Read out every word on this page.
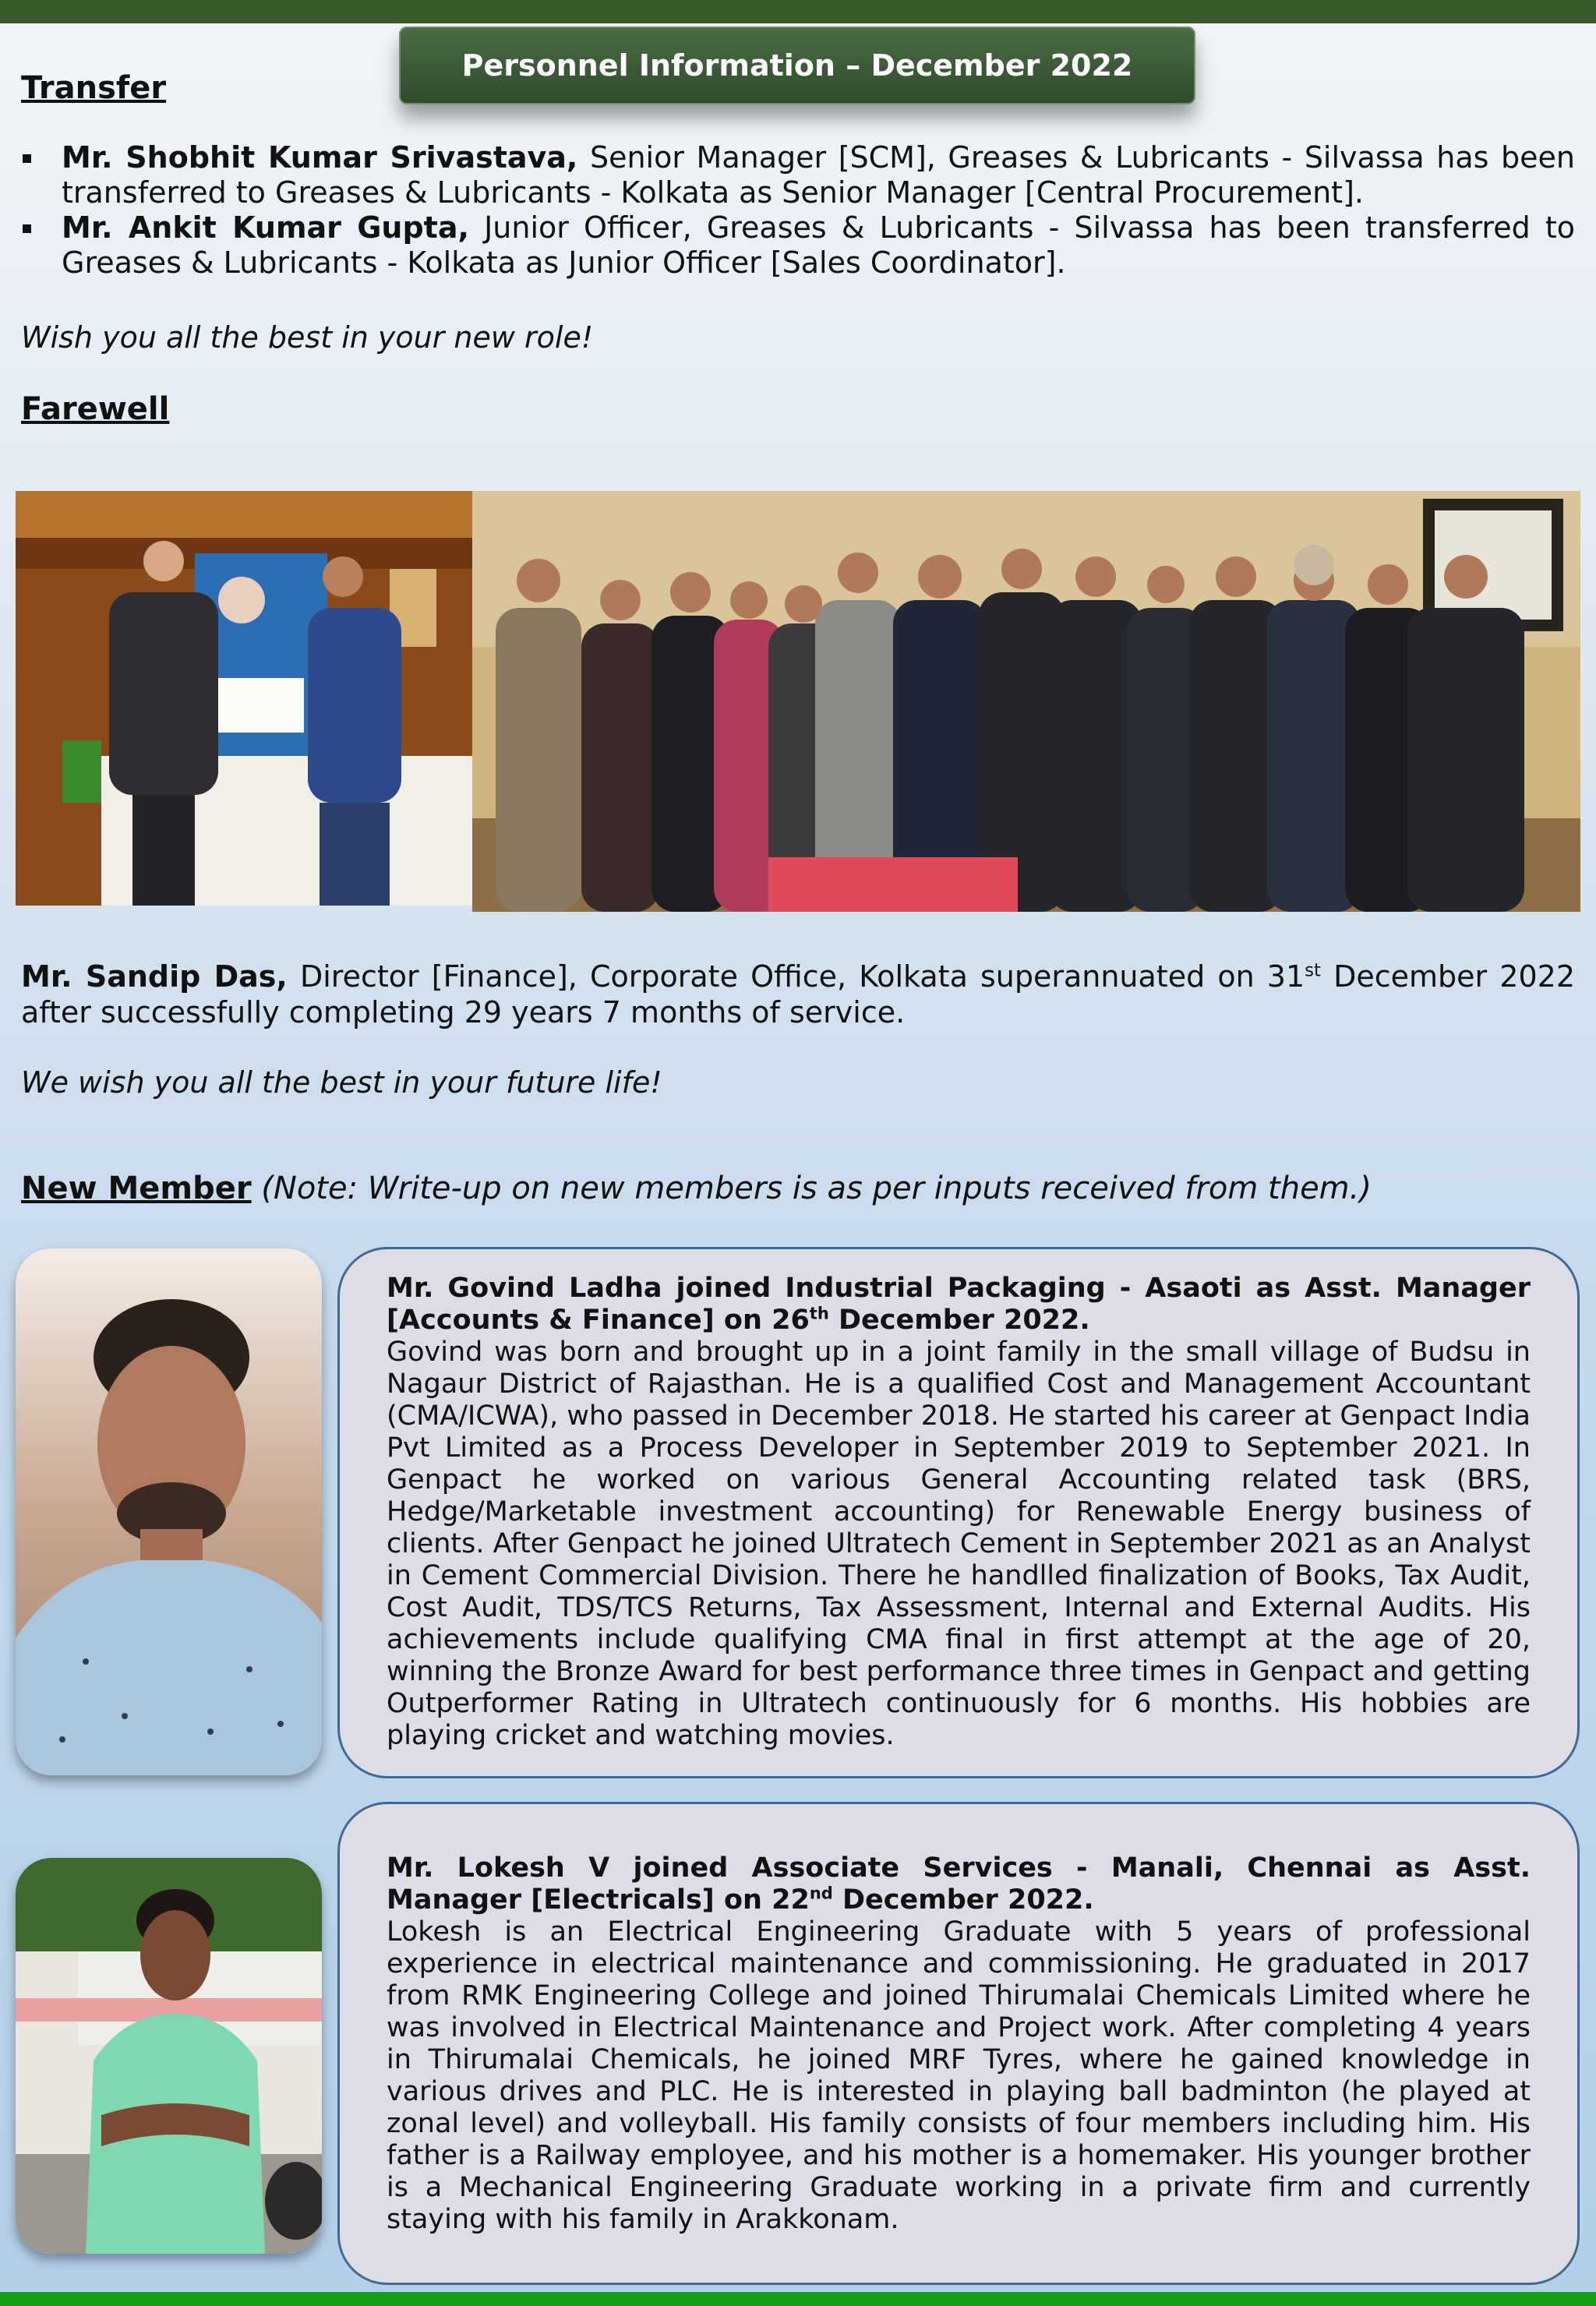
Personnel Information – December 2022
Transfer
Mr. Shobhit Kumar Srivastava, Senior Manager [SCM], Greases & Lubricants - Silvassa has been transferred to Greases & Lubricants - Kolkata as Senior Manager [Central Procurement].
Mr. Ankit Kumar Gupta, Junior Officer, Greases & Lubricants - Silvassa has been transferred to Greases & Lubricants - Kolkata as Junior Officer [Sales Coordinator].
Wish you all the best in your new role!
Farewell
Mr. Sandip Das, Director [Finance], Corporate Office, Kolkata superannuated on 31st December 2022 after successfully completing 29 years 7 months of service.
We wish you all the best in your future life!
New Member (Note: Write-up on new members is as per inputs received from them.)
Mr. Govind Ladha joined Industrial Packaging - Asaoti as Asst. Manager [Accounts & Finance] on 26th December 2022.
Govind was born and brought up in a joint family in the small village of Budsu in Nagaur District of Rajasthan. He is a qualified Cost and Management Accountant (CMA/ICWA), who passed in December 2018. He started his career at Genpact India Pvt Limited as a Process Developer in September 2019 to September 2021. In Genpact he worked on various General Accounting related task (BRS, Hedge/Marketable investment accounting) for Renewable Energy business of clients. After Genpact he joined Ultratech Cement in September 2021 as an Analyst in Cement Commercial Division. There he handlled finalization of Books, Tax Audit, Cost Audit, TDS/TCS Returns, Tax Assessment, Internal and External Audits. His achievements include qualifying CMA final in first attempt at the age of 20, winning the Bronze Award for best performance three times in Genpact and getting Outperformer Rating in Ultratech continuously for 6 months. His hobbies are playing cricket and watching movies.
Mr. Lokesh V joined Associate Services - Manali, Chennai as Asst. Manager [Electricals] on 22nd December 2022.
Lokesh is an Electrical Engineering Graduate with 5 years of professional experience in electrical maintenance and commissioning. He graduated in 2017 from RMK Engineering College and joined Thirumalai Chemicals Limited where he was involved in Electrical Maintenance and Project work. After completing 4 years in Thirumalai Chemicals, he joined MRF Tyres, where he gained knowledge in various drives and PLC. He is interested in playing ball badminton (he played at zonal level) and volleyball. His family consists of four members including him. His father is a Railway employee, and his mother is a homemaker. His younger brother is a Mechanical Engineering Graduate working in a private firm and currently staying with his family in Arakkonam.
